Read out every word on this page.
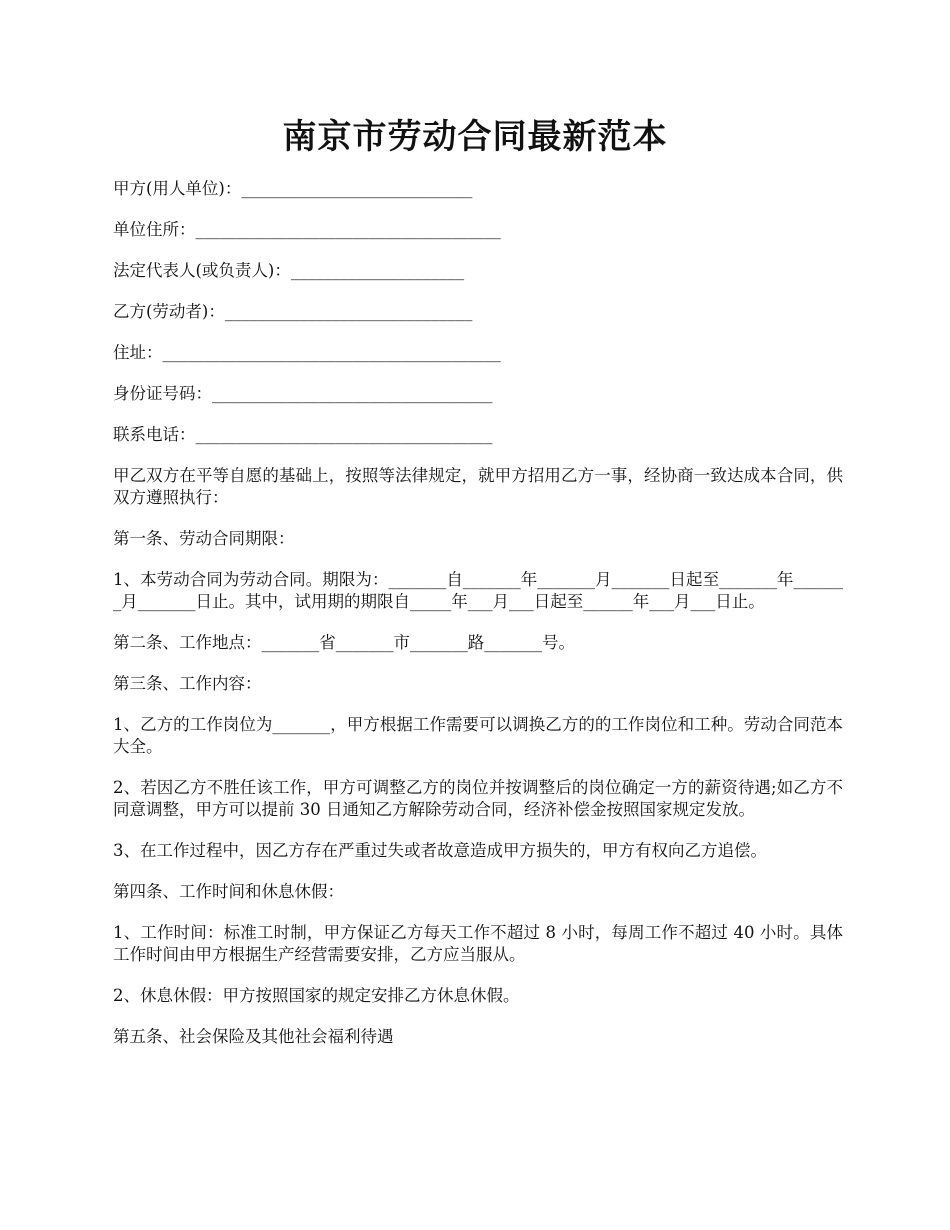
南京市劳动合同最新范本

甲方(用人单位)：____________________________

单位住所：_____________________________________

法定代表人(或负责人)：_____________________

乙方(劳动者)：______________________________

住址：_________________________________________

身份证号码：__________________________________

联系电话：____________________________________

甲乙双方在平等自愿的基础上，按照等法律规定，就甲方招用乙方一事，经协商一致达成本合同，供双方遵照执行：

第一条、劳动合同期限：

1、本劳动合同为劳动合同。期限为：_______自_______年_______月_______日起至_______年_______月_______日止。其中，试用期的期限自_____年___月___日起至______年___月___日止。

第二条、工作地点：_______省_______市_______路_______号。

第三条、工作内容：

1、乙方的工作岗位为_______，甲方根据工作需要可以调换乙方的的工作岗位和工种。劳动合同范本大全。

2、若因乙方不胜任该工作，甲方可调整乙方的岗位并按调整后的岗位确定一方的薪资待遇;如乙方不同意调整，甲方可以提前 30 日通知乙方解除劳动合同，经济补偿金按照国家规定发放。

3、在工作过程中，因乙方存在严重过失或者故意造成甲方损失的，甲方有权向乙方追偿。

第四条、工作时间和休息休假：

1、工作时间：标准工时制，甲方保证乙方每天工作不超过 8 小时，每周工作不超过 40 小时。具体工作时间由甲方根据生产经营需要安排，乙方应当服从。

2、休息休假：甲方按照国家的规定安排乙方休息休假。

第五条、社会保险及其他社会福利待遇
